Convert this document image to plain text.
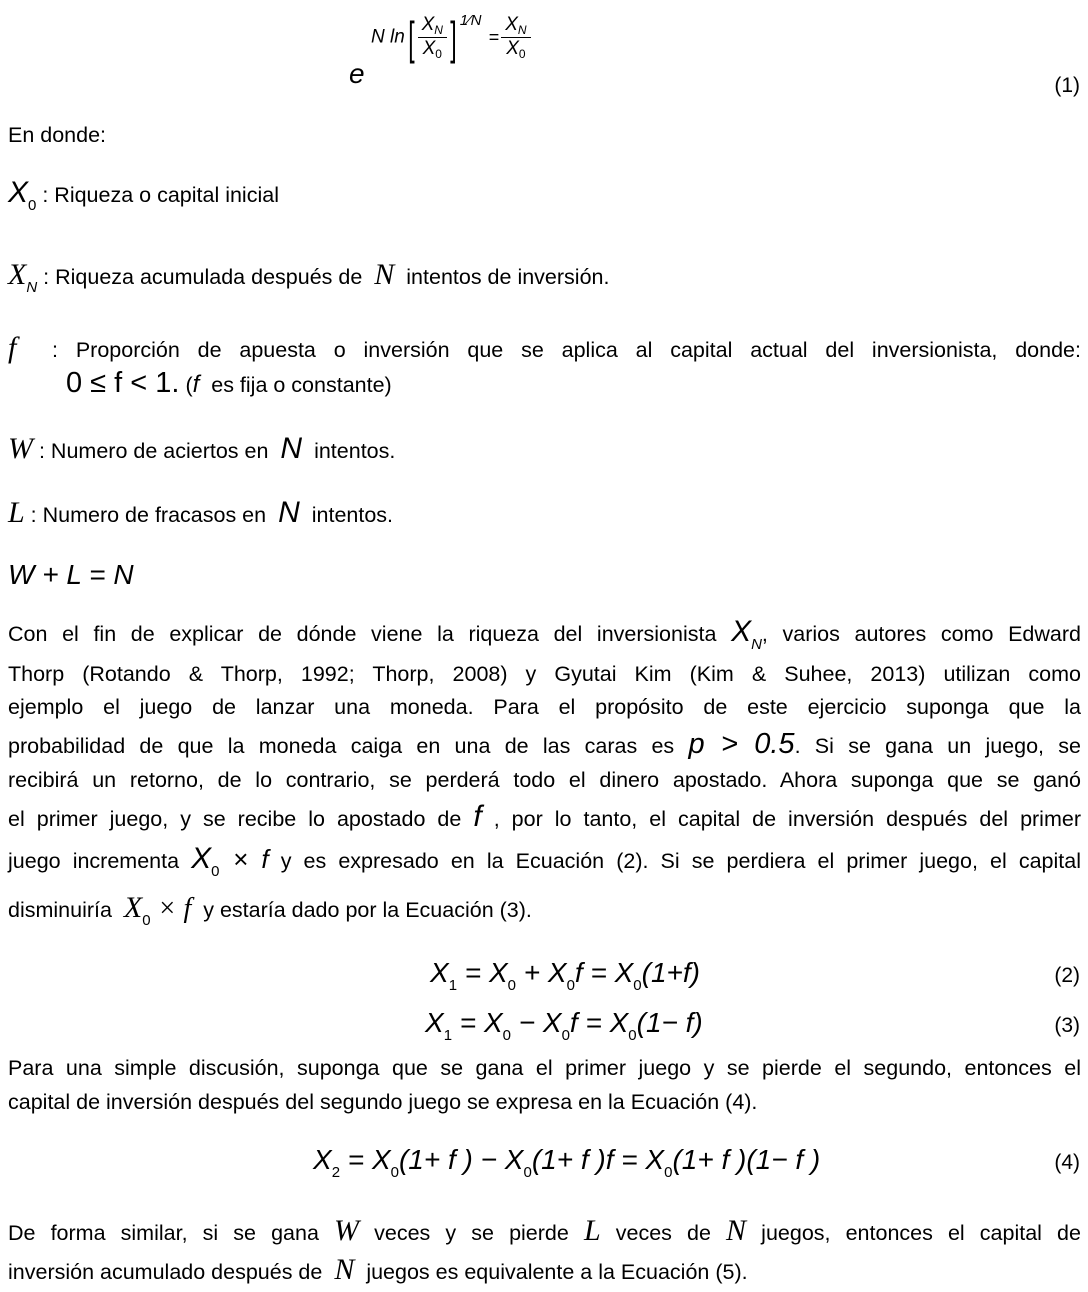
e
N $\ln[ \frac{X_N}{X_0}$ ] $^{1⁄N} = \frac{X_N}{X_0}$
(1)
En donde:
$X_0$ : Riqueza o capital inicial
$X_N$ : Riqueza acumulada después de N intentos de inversión.
f : Proporción de apuesta o inversión que se aplica al capital actual del inversionista, donde:
0 ≤ f < 1. (f es fija o constante)
W : Numero de aciertos en N intentos.
L : Numero de fracasos en N intentos.
W + L = N
Con el fin de explicar de dónde viene la riqueza del inversionista $X_N$, varios autores como Edward
Thorp (Rotando & Thorp, 1992; Thorp, 2008) y Gyutai Kim (Kim & Suhee, 2013) utilizan como
ejemplo el juego de lanzar una moneda. Para el propósito de este ejercicio suponga que la
probabilidad de que la moneda caiga en una de las caras es p > 0.5. Si se gana un juego, se
recibirá un retorno, de lo contrario, se perderá todo el dinero apostado. Ahora suponga que se ganó
el primer juego, y se recibe lo apostado de f , por lo tanto, el capital de inversión después del primer
juego incrementa $X_0 \times f$ y es expresado en la Ecuación (2). Si se perdiera el primer juego, el capital
disminuiría $X_0 \times f$ y estaría dado por la Ecuación (3).
$X_1 = X_0 + X_0f = X_0(1+f)$	(2)
$X_1 = X_0 - X_0f = X_0(1- f)$	(3)
Para una simple discusión, suponga que se gana el primer juego y se pierde el segundo, entonces el
capital de inversión después del segundo juego se expresa en la Ecuación (4).
$X_2 = X_0(1+ f$ ) − $X_0(1+ f$ )$f = X_0(1+ f$ )(1− f )	(4)
De forma similar, si se gana W veces y se pierde L veces de N juegos, entonces el capital de
inversión acumulado después de N juegos es equivalente a la Ecuación (5).
